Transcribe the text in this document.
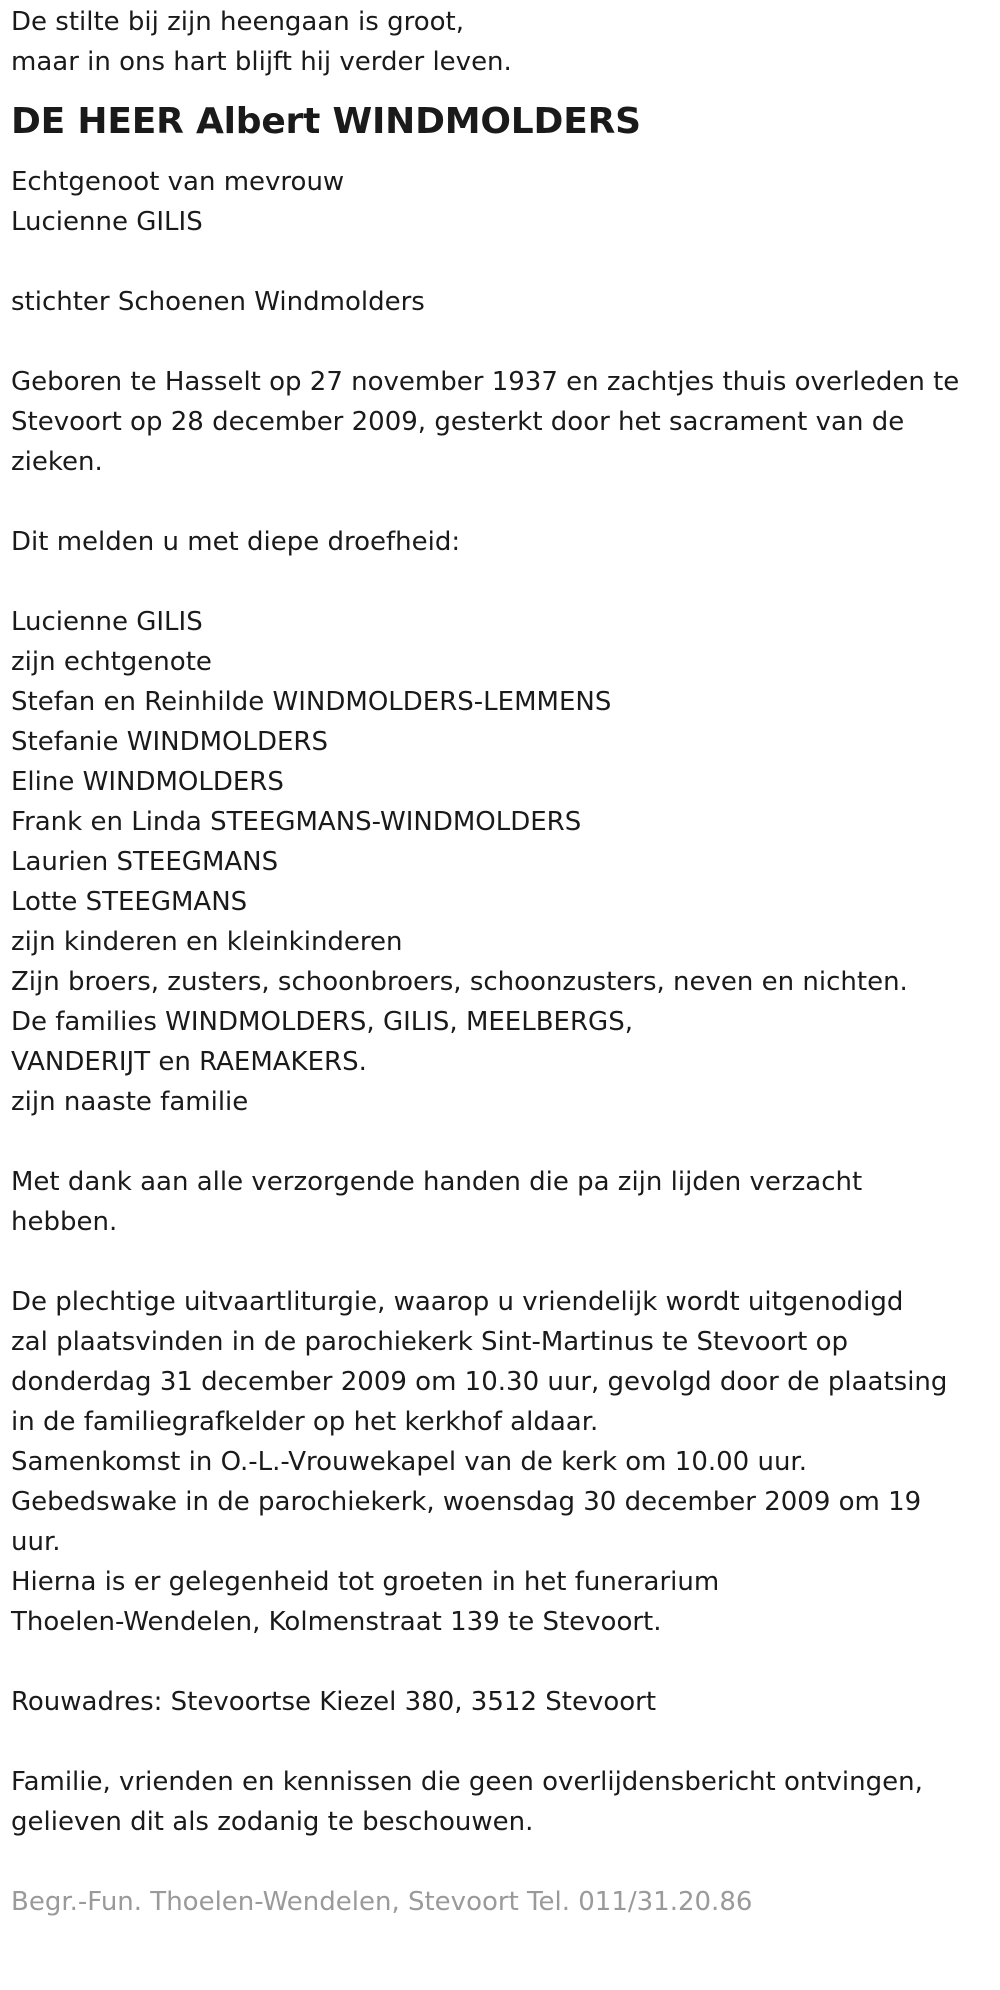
De stilte bij zijn heengaan is groot,
maar in ons hart blijft hij verder leven.
DE HEER Albert WINDMOLDERS
Echtgenoot van mevrouw
Lucienne GILIS
stichter Schoenen Windmolders
Geboren te Hasselt op 27 november 1937 en zachtjes thuis overleden te
Stevoort op 28 december 2009, gesterkt door het sacrament van de
zieken.
Dit melden u met diepe droefheid:
Lucienne GILIS
zijn echtgenote
Stefan en Reinhilde WINDMOLDERS-LEMMENS
Stefanie WINDMOLDERS
Eline WINDMOLDERS
Frank en Linda STEEGMANS-WINDMOLDERS
Laurien STEEGMANS
Lotte STEEGMANS
zijn kinderen en kleinkinderen
Zijn broers, zusters, schoonbroers, schoonzusters, neven en nichten.
De families WINDMOLDERS, GILIS, MEELBERGS,
VANDERIJT en RAEMAKERS.
zijn naaste familie
Met dank aan alle verzorgende handen die pa zijn lijden verzacht
hebben.
De plechtige uitvaartliturgie, waarop u vriendelijk wordt uitgenodigd
zal plaatsvinden in de parochiekerk Sint-Martinus te Stevoort op
donderdag 31 december 2009 om 10.30 uur, gevolgd door de plaatsing
in de familiegrafkelder op het kerkhof aldaar.
Samenkomst in O.-L.-Vrouwekapel van de kerk om 10.00 uur.
Gebedswake in de parochiekerk, woensdag 30 december 2009 om 19
uur.
Hierna is er gelegenheid tot groeten in het funerarium
Thoelen-Wendelen, Kolmenstraat 139 te Stevoort.
Rouwadres: Stevoortse Kiezel 380, 3512 Stevoort
Familie, vrienden en kennissen die geen overlijdensbericht ontvingen,
gelieven dit als zodanig te beschouwen.
Begr.-Fun. Thoelen-Wendelen, Stevoort Tel. 011/31.20.86
